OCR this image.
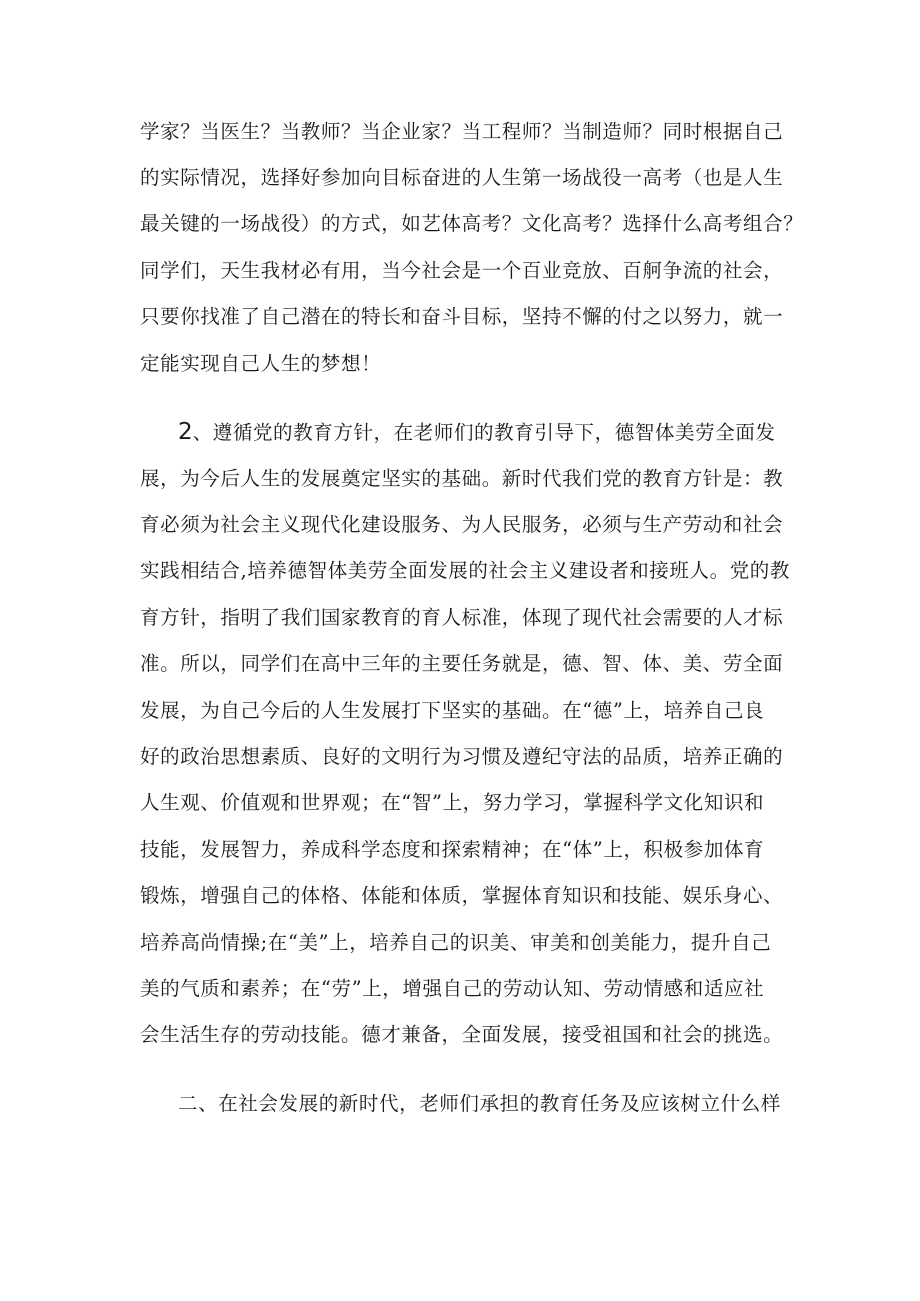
学家？当医生？当教师？当企业家？当工程师？当制造师？同时根据自己
的实际情况，选择好参加向目标奋进的人生第一场战役一高考（也是人生
最关键的一场战役）的方式，如艺体高考？文化高考？选择什么高考组合？
同学们，天生我材必有用，当今社会是一个百业竞放、百舸争流的社会，
只要你找准了自己潜在的特长和奋斗目标，坚持不懈的付之以努力，就一
定能实现自己人生的梦想！
2、遵循党的教育方针，在老师们的教育引导下，德智体美劳全面发
展，为今后人生的发展奠定坚实的基础。新时代我们党的教育方针是：教
育必须为社会主义现代化建设服务、为人民服务，必须与生产劳动和社会
实践相结合,培养德智体美劳全面发展的社会主义建设者和接班人。党的教
育方针，指明了我们国家教育的育人标准，体现了现代社会需要的人才标
准。所以，同学们在高中三年的主要任务就是，德、智、体、美、劳全面
发展，为自己今后的人生发展打下坚实的基础。在“德”上，培养自己良
好的政治思想素质、良好的文明行为习惯及遵纪守法的品质，培养正确的
人生观、价值观和世界观；在“智”上，努力学习，掌握科学文化知识和
技能，发展智力，养成科学态度和探索精神；在“体”上，积极参加体育
锻炼，增强自己的体格、体能和体质，掌握体育知识和技能、娱乐身心、
培养高尚情操;在“美”上，培养自己的识美、审美和创美能力，提升自己
美的气质和素养；在“劳”上，增强自己的劳动认知、劳动情感和适应社
会生活生存的劳动技能。德才兼备，全面发展，接受祖国和社会的挑选。
二、在社会发展的新时代，老师们承担的教育任务及应该树立什么样
